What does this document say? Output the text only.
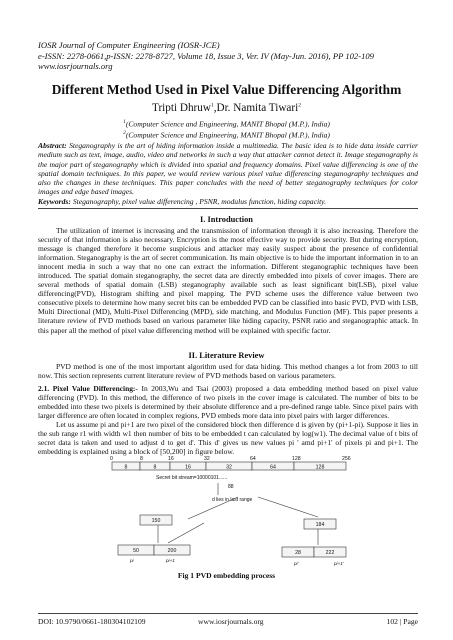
IOSR Journal of Computer Engineering (IOSR-JCE)
e-ISSN: 2278-0661,p-ISSN: 2278-8727, Volume 18, Issue 3, Ver. IV (May-Jun. 2016), PP 102-109
www.iosrjournals.org
Different Method Used in Pixel Value Differencing Algorithm
Tripti Dhruw$^1$,Dr. Namita Tiwari$^2$
$^1$(Computer Science and Engineering, MANIT Bhopal (M.P.), India)
$^2$(Computer Science and Engineering, MANIT Bhopal (M.P.), India)
Abstract: Steganography is the art of hiding information inside a multimedia. The basic idea is to hide data inside carrier medium such as text, image, audio, video and networks in such a way that attacker cannot detect it. Image steganography is the major part of steganography which is divided into spatial and frequency domains. Pixel value differencing is one of the spatial domain techniques. In this paper, we would review various pixel value differencing steganography techniques and also the changes in these techniques. This paper concludes with the need of better steganography techniques for color images and edge based images.
Keywords: Steganography, pixel value differencing , PSNR, modulus function, hiding capacity.
I. Introduction

The utilization of internet is increasing and the transmission of information through it is also increasing. Therefore the security of that information is also necessary. Encryption is the most effective way to provide security. But during encryption, message is changed therefore it become suspicious and attacker may easily suspect about the presence of confidential information. Steganography is the art of secret communication. Its main objective is to hide the important information in to an innocent media in such a way that no one can extract the information. Different steganographic techniques have been introduced. The spatial domain steganography, the secret data are directly embedded into pixels of cover images. There are several methods of spatial domain (LSB) steganography available such as least significant bit(LSB), pixel value differencing(PVD), Histogram shifting and pixel mapping. The PVD scheme uses the difference value between two consecutive pixels to determine how many secret bits can be embedded PVD can be classified into basic PVD, PVD with LSB, Multi Directional (MD), Multi-Pixel Differencing (MPD), side matching, and Modulus Function (MF). This paper presents a literature review of PVD methods based on various parameter like hiding capacity, PSNR ratio and steganographic attack. In this paper all the method of pixel value differencing method will be explained with specific factor.

II. Literature Review

PVD method is one of the most important algorithm used for data hiding. This method changes a lot from 2003 to till now. This section represents current literature review of PVD methods based on various parameters.

2.1. Pixel Value Differencing:- In 2003,Wu and Tsai (2003) proposed a data embedding method based on pixel value differencing (PVD). In this method, the difference of two pixels in the cover image is calculated. The number of bits to be embedded into these two pixels is determined by their absolute difference and a pre-defined range table. Since pixel pairs with larger difference are often located in complex regions, PVD embeds more data into pixel pairs with larger differences.

Let us assume pi and pi+1 are two pixel of the considered block then difference d is given by (pi+1-pi). Suppose it lies in the sub range r1 with width w1 then number of bits to be embedded t can calculated by log(w1). The decimal value of t bits of secret data is taken and used to adjust d to get d'. This d' gives us new values pi ' amd pi+1' of pixels pi and pi+1. The embedding is explained using a block of [50,200] in figure below.

0	8	16	32	64	128	256
8	8	16	32	64	128
Secret bit stream=10000101......
88
d lies in last range
150
184
50	200	28	222
pi	pi+1
pi'	pi+1'
Fig 1 PVD embedding process
DOI: 10.9790/0661-180304102109	www.iosrjournals.org	102 | Page
